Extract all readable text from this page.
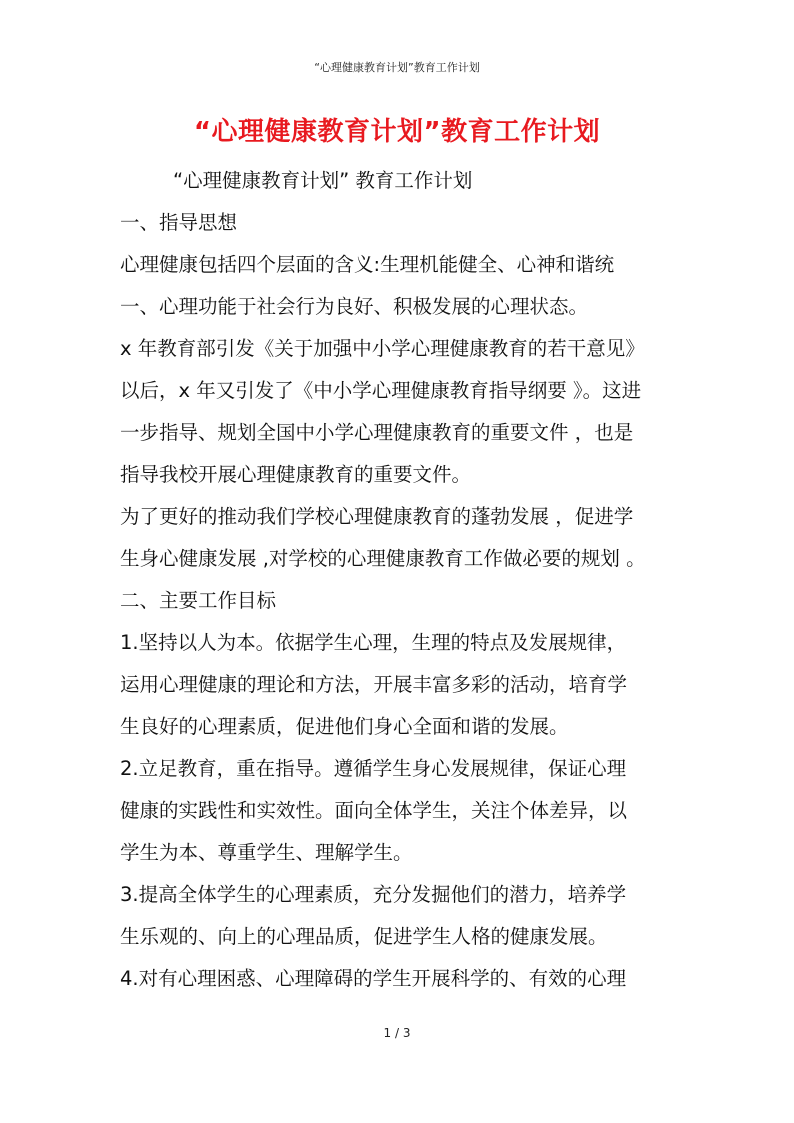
“心理健康教育计划”教育工作计划
“心理健康教育计划”教育工作计划

“心理健康教育计划” 教育工作计划

一、指导思想

心理健康包括四个层面的含义:生理机能健全、心神和谐统

一、心理功能于社会行为良好、积极发展的心理状态。

x 年教育部引发《关于加强中小学心理健康教育的若干意见》

以后，x 年又引发了《中小学心理健康教育指导纲要 》。这进

一步指导、规划全国中小学心理健康教育的重要文件 ，也是

指导我校开展心理健康教育的重要文件。

为了更好的推动我们学校心理健康教育的蓬勃发展 ，促进学

生身心健康发展 ,对学校的心理健康教育工作做必要的规划 。

二、主要工作目标

1.坚持以人为本。依据学生心理，生理的特点及发展规律，

运用心理健康的理论和方法，开展丰富多彩的活动，培育学

生良好的心理素质，促进他们身心全面和谐的发展。

2.立足教育，重在指导。遵循学生身心发展规律，保证心理

健康的实践性和实效性。面向全体学生，关注个体差异，以

学生为本、尊重学生、理解学生。

3.提高全体学生的心理素质，充分发掘他们的潜力，培养学

生乐观的、向上的心理品质，促进学生人格的健康发展。

4.对有心理困惑、心理障碍的学生开展科学的、有效的心理

1 / 3
